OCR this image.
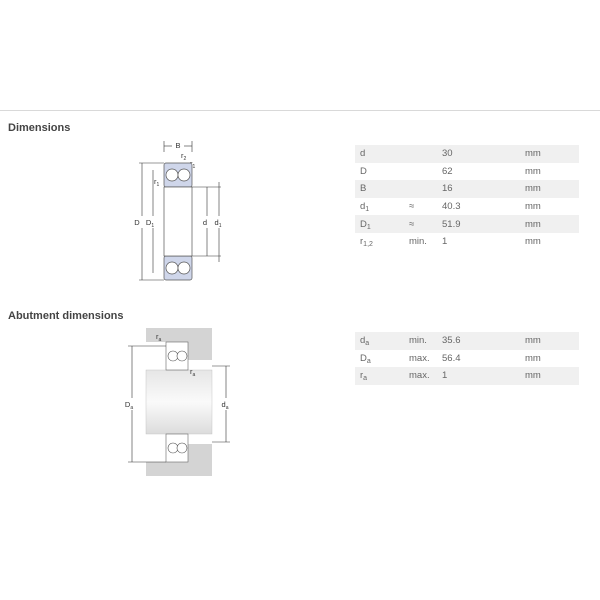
Dimensions
B
$r_2$
$_1$
$r_1$
D $D_1$	d $d_1$
d		30	mm
D		62	mm
B		16	mm
$d_1$	≈	40.3	mm
$D_1$	≈	51.9	mm
$r_{1,2}$	min.	1	mm
Abutment dimensions
$r_a$
$r_a$
$D_a$	$d_a$
$d_a$	min.	35.6	mm
$D_a$	max.	56.4	mm
$r_a$	max.	1	mm
